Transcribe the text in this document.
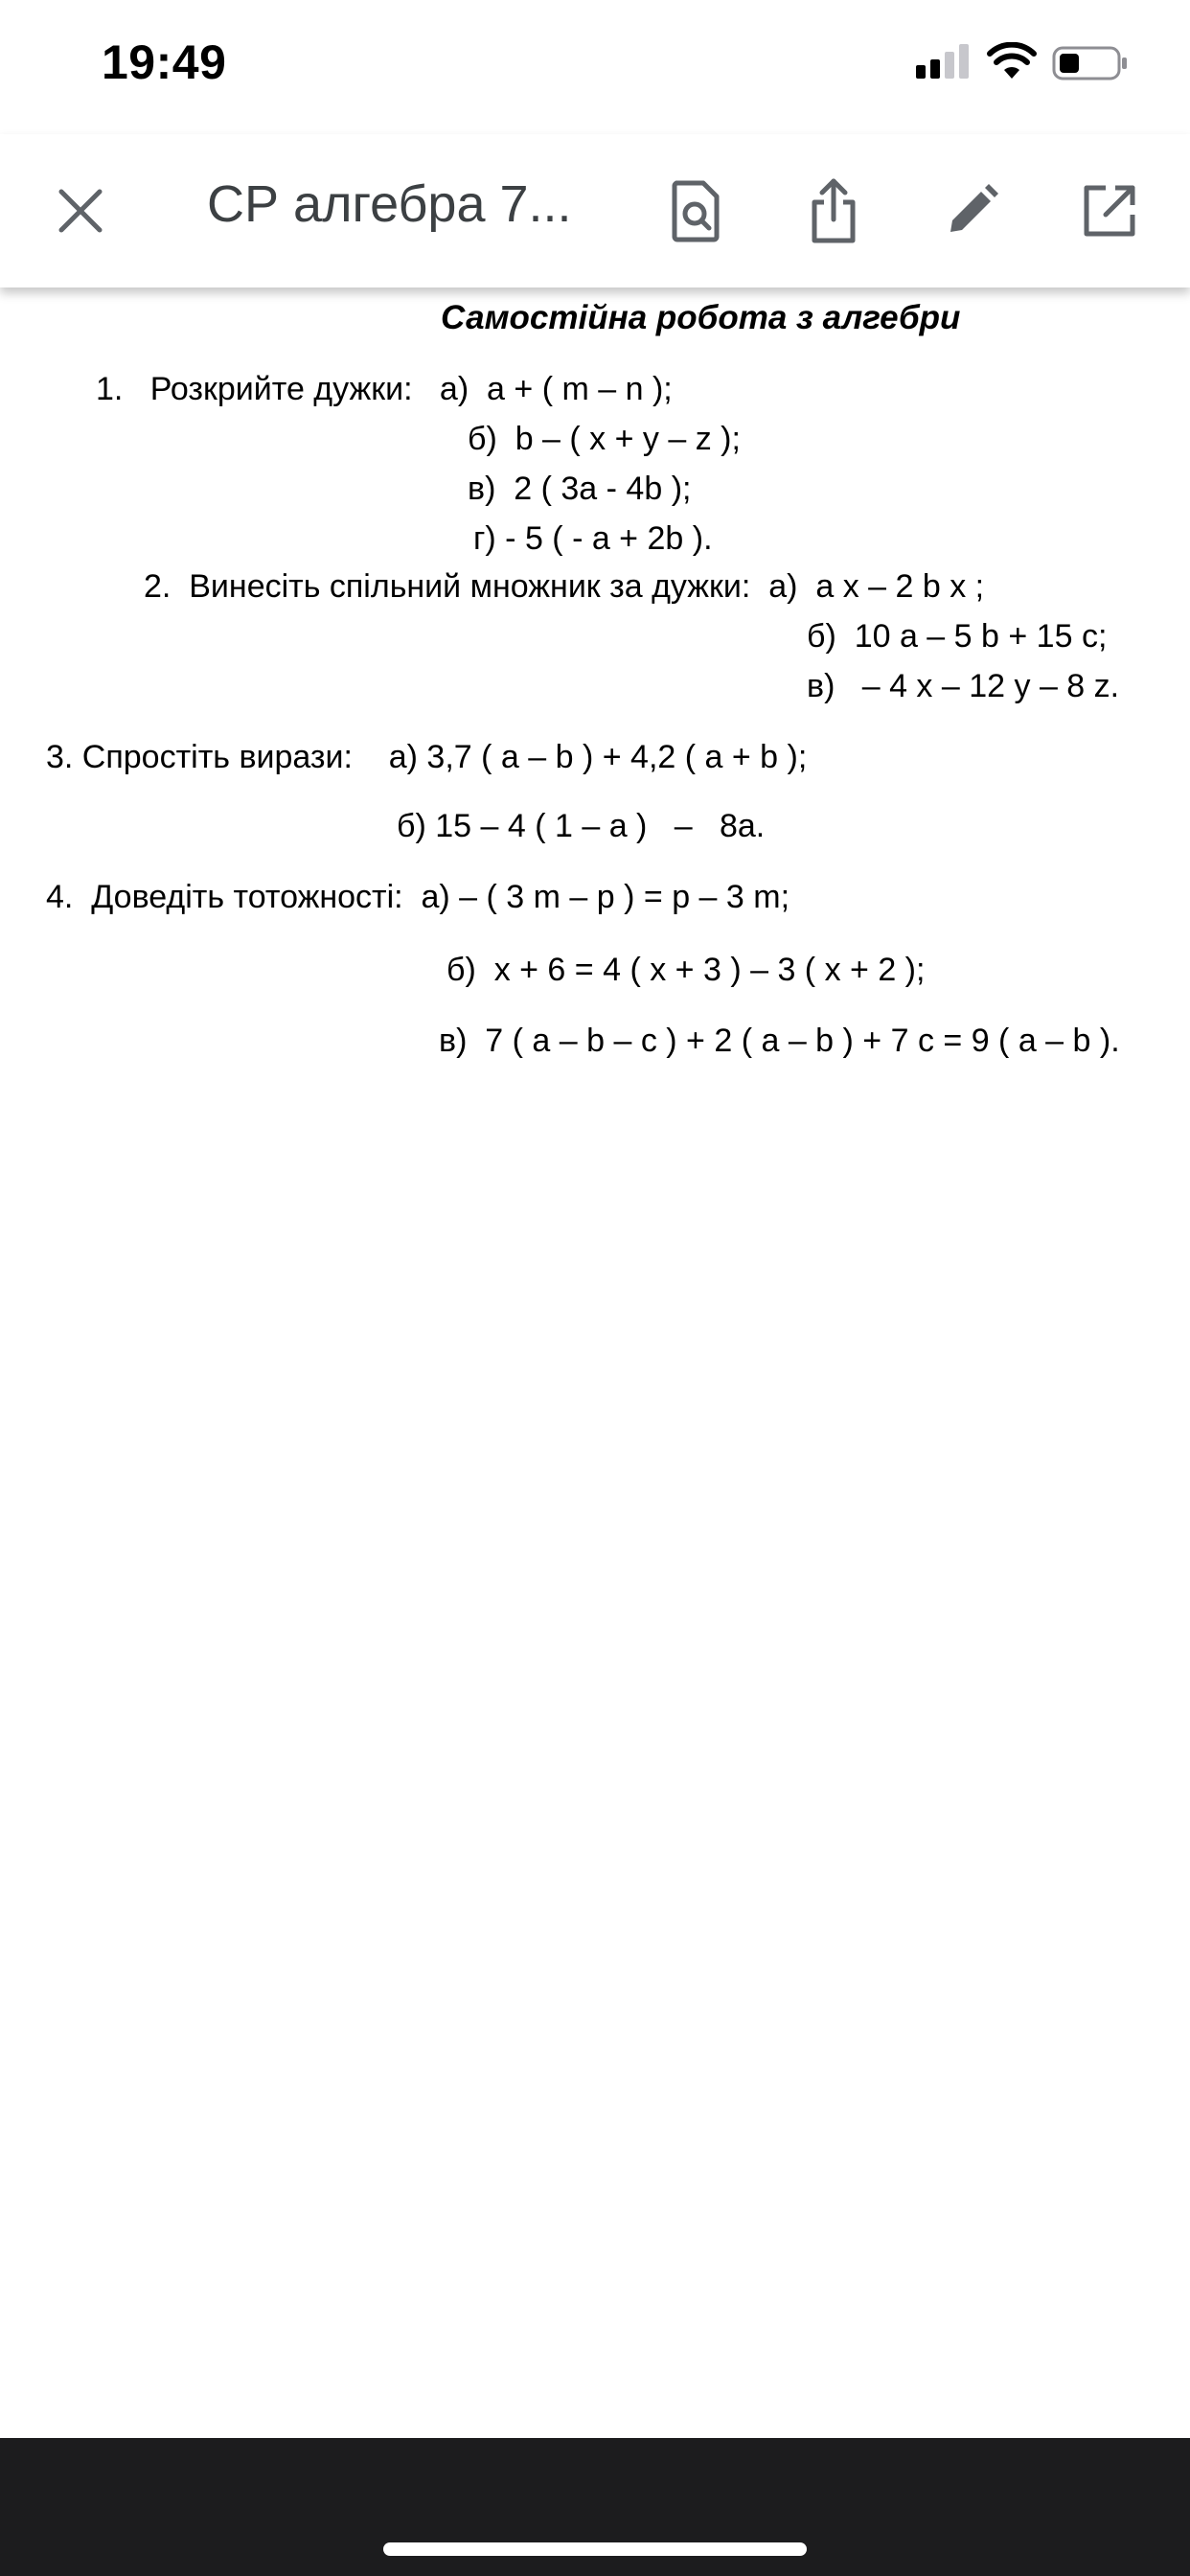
19:49
СР алгебра 7...
Самостійна робота з алгебри
1.   Розкрийте дужки:   а)  a + ( m – n );
б)  b – ( x + y – z );
в)  2 ( 3a - 4b );
г) - 5 ( - a + 2b ).
2.  Винесіть спільний множник за дужки:  а)  a x – 2 b x ;
б)  10 a – 5 b + 15 c;
в)   – 4 x – 12 y – 8 z.
3. Спростіть вирази:    а) 3,7 ( a – b ) + 4,2 ( a + b );
б) 15 – 4 ( 1 – a )   –   8a.
4.  Доведіть тотожності:  а) – ( 3 m – p ) = p – 3 m;
б)  x + 6 = 4 ( x + 3 ) – 3 ( x + 2 );
в)  7 ( a – b – c ) + 2 ( a – b ) + 7 c = 9 ( a – b ).
